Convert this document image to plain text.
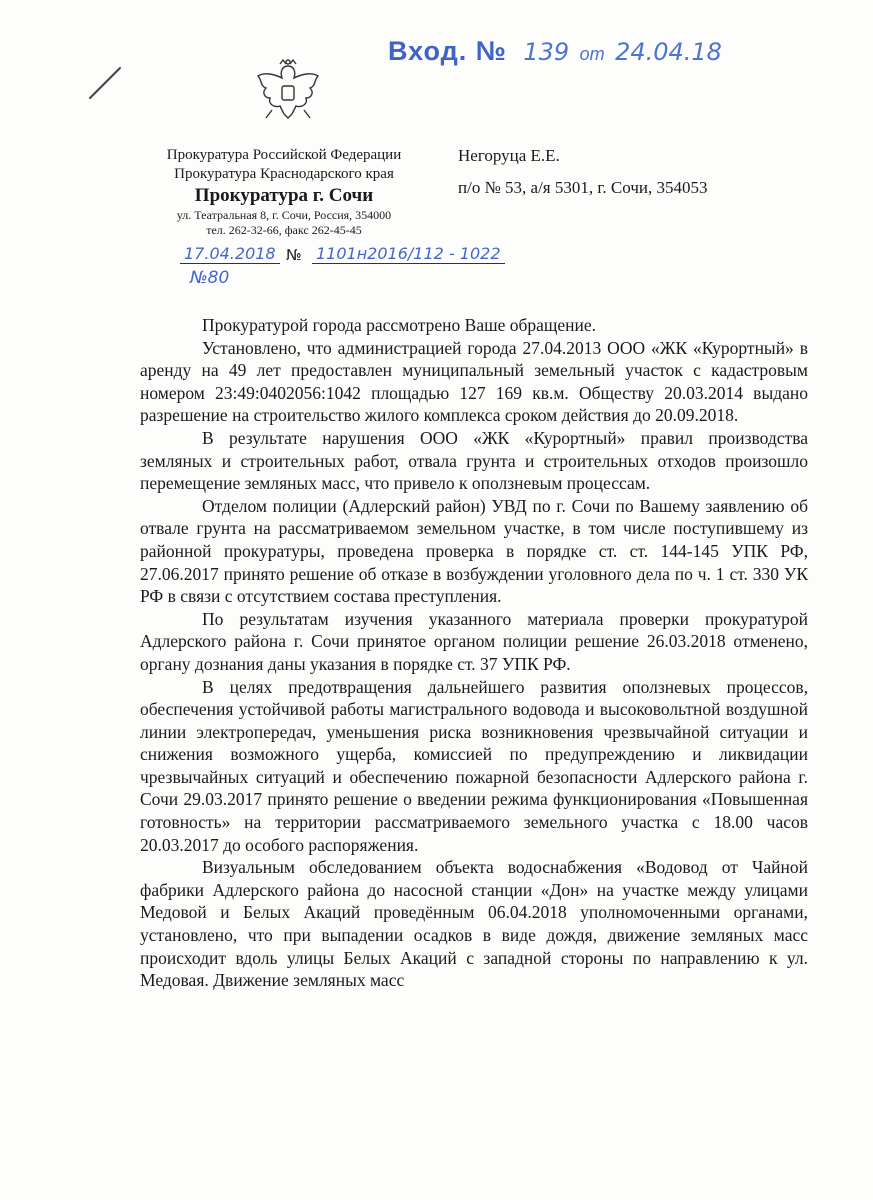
Вход. № 139 от 24.04.18
Прокуратура Российской Федерации
Прокуратура Краснодарского края
Прокуратура г. Сочи
ул. Театральная 8, г. Сочи, Россия, 354000
тел. 262-32-66, факс 262-45-45
Негоруца Е.Е.
п/о № 53, а/я 5301, г. Сочи, 354053
17.04.2018 № 1101н2016/112 - 1022
№80

Прокуратурой города рассмотрено Ваше обращение.

Установлено, что администрацией города 27.04.2013 ООО «ЖК «Курортный» в аренду на 49 лет предоставлен муниципальный земельный участок с кадастровым номером 23:49:0402056:1042 площадью 127 169 кв.м. Обществу 20.03.2014 выдано разрешение на строительство жилого комплекса сроком действия до 20.09.2018.

В результате нарушения ООО «ЖК «Курортный» правил производства земляных и строительных работ, отвала грунта и строительных отходов произошло перемещение земляных масс, что привело к оползневым процессам.

Отделом полиции (Адлерский район) УВД по г. Сочи по Вашему заявлению об отвале грунта на рассматриваемом земельном участке, в том числе поступившему из районной прокуратуры, проведена проверка в порядке ст. ст. 144-145 УПК РФ, 27.06.2017 принято решение об отказе в возбуждении уголовного дела по ч. 1 ст. 330 УК РФ в связи с отсутствием состава преступления.

По результатам изучения указанного материала проверки прокуратурой Адлерского района г. Сочи принятое органом полиции решение 26.03.2018 отменено, органу дознания даны указания в порядке ст. 37 УПК РФ.

В целях предотвращения дальнейшего развития оползневых процессов, обеспечения устойчивой работы магистрального водовода и высоковольтной воздушной линии электропередач, уменьшения риска возникновения чрезвычайной ситуации и снижения возможного ущерба, комиссией по предупреждению и ликвидации чрезвычайных ситуаций и обеспечению пожарной безопасности Адлерского района г. Сочи 29.03.2017 принято решение о введении режима функционирования «Повышенная готовность» на территории рассматриваемого земельного участка с 18.00 часов 20.03.2017 до особого распоряжения.

Визуальным обследованием объекта водоснабжения «Водовод от Чайной фабрики Адлерского района до насосной станции «Дон» на участке между улицами Медовой и Белых Акаций проведённым 06.04.2018 уполномоченными органами, установлено, что при выпадении осадков в виде дождя, движение земляных масс происходит вдоль улицы Белых Акаций с западной стороны по направлению к ул. Медовая. Движение земляных масс
